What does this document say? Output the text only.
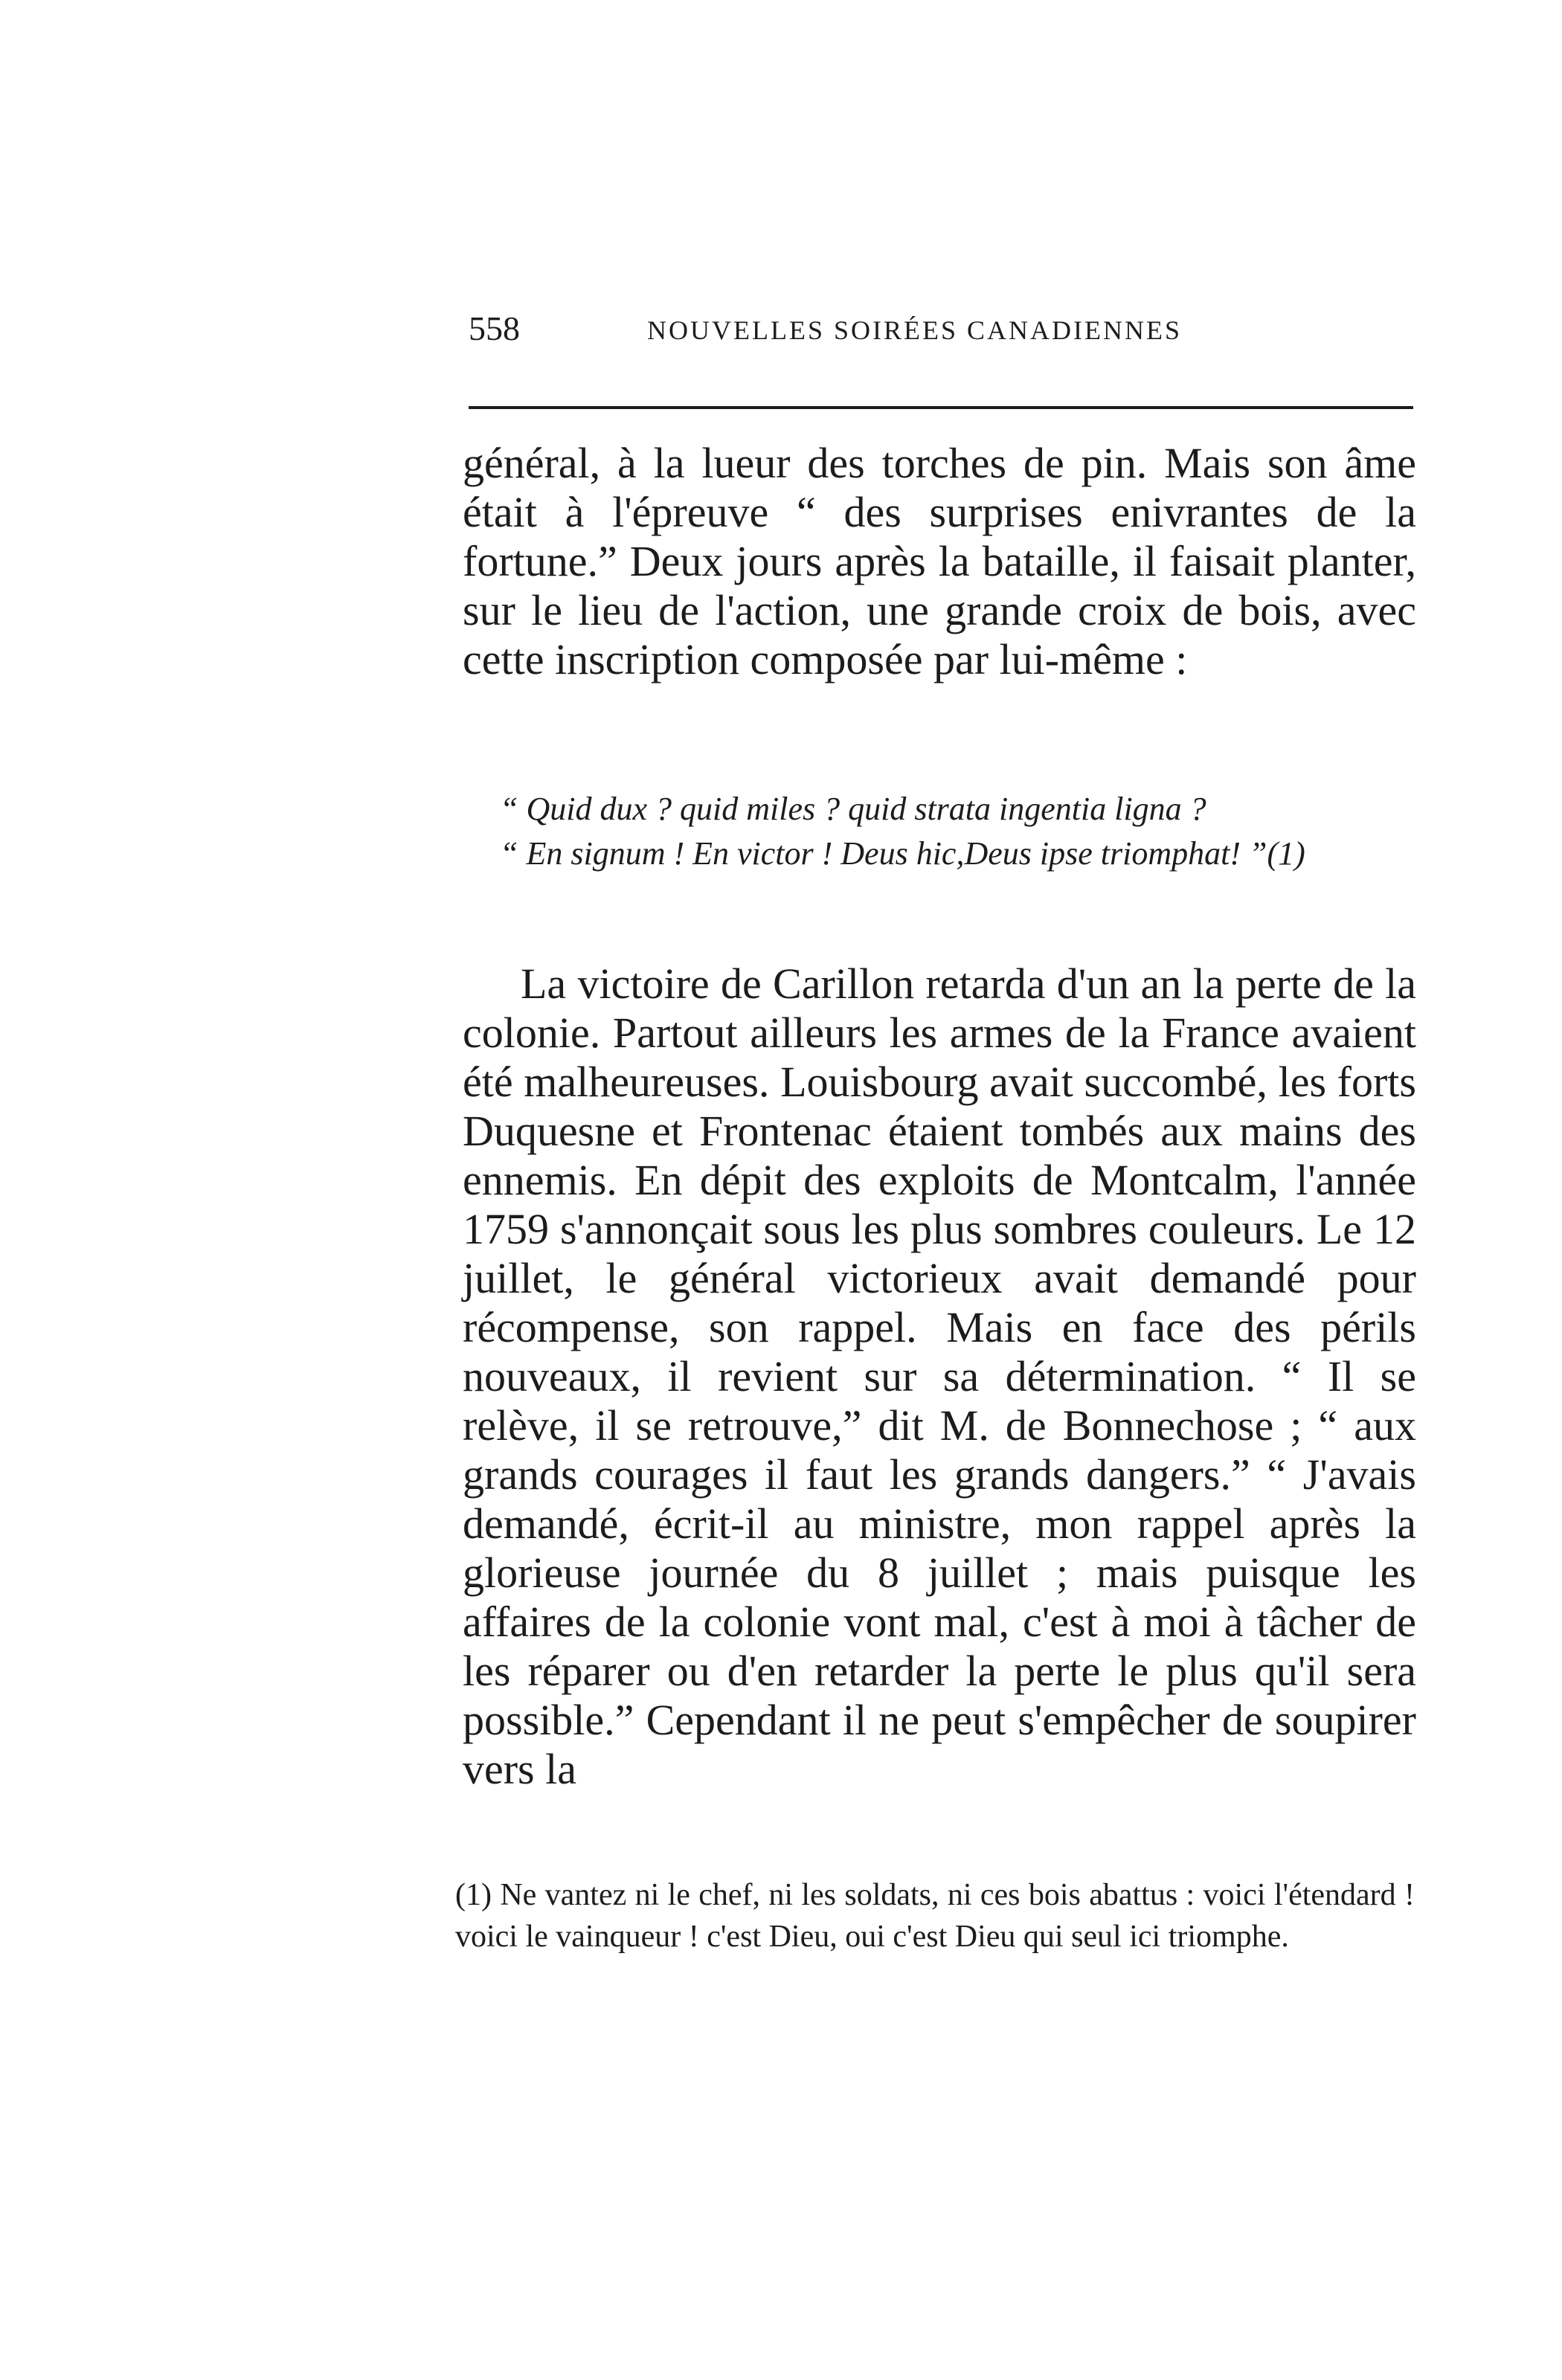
558	NOUVELLES SOIRÉES CANADIENNES
général, à la lueur des torches de pin. Mais son âme était à l'épreuve “ des surprises enivrantes de la fortune.” Deux jours après la bataille, il faisait planter, sur le lieu de l'action, une grande croix de bois, avec cette inscription composée par lui-même :
“ Quid dux ? quid miles ? quid strata ingentia ligna ?
“ En signum ! En victor ! Deus hic,Deus ipse triomphat! ”(1)
La victoire de Carillon retarda d'un an la perte de la colonie. Partout ailleurs les armes de la France avaient été malheureuses. Louisbourg avait succombé, les forts Duquesne et Frontenac étaient tombés aux mains des ennemis. En dépit des exploits de Montcalm, l'année 1759 s'annonçait sous les plus sombres couleurs. Le 12 juillet, le général victorieux avait demandé pour récompense, son rappel. Mais en face des périls nouveaux, il revient sur sa détermination. “ Il se relève, il se retrouve,” dit M. de Bonnechose ; “ aux grands courages il faut les grands dangers.” “ J'avais demandé, écrit-il au ministre, mon rappel après la glorieuse journée du 8 juillet ; mais puisque les affaires de la colonie vont mal, c'est à moi à tâcher de les réparer ou d'en retarder la perte le plus qu'il sera possible.” Cependant il ne peut s'empêcher de soupirer vers la
(1) Ne vantez ni le chef, ni les soldats, ni ces bois abattus : voici l'étendard ! voici le vainqueur ! c'est Dieu, oui c'est Dieu qui seul ici triomphe.
